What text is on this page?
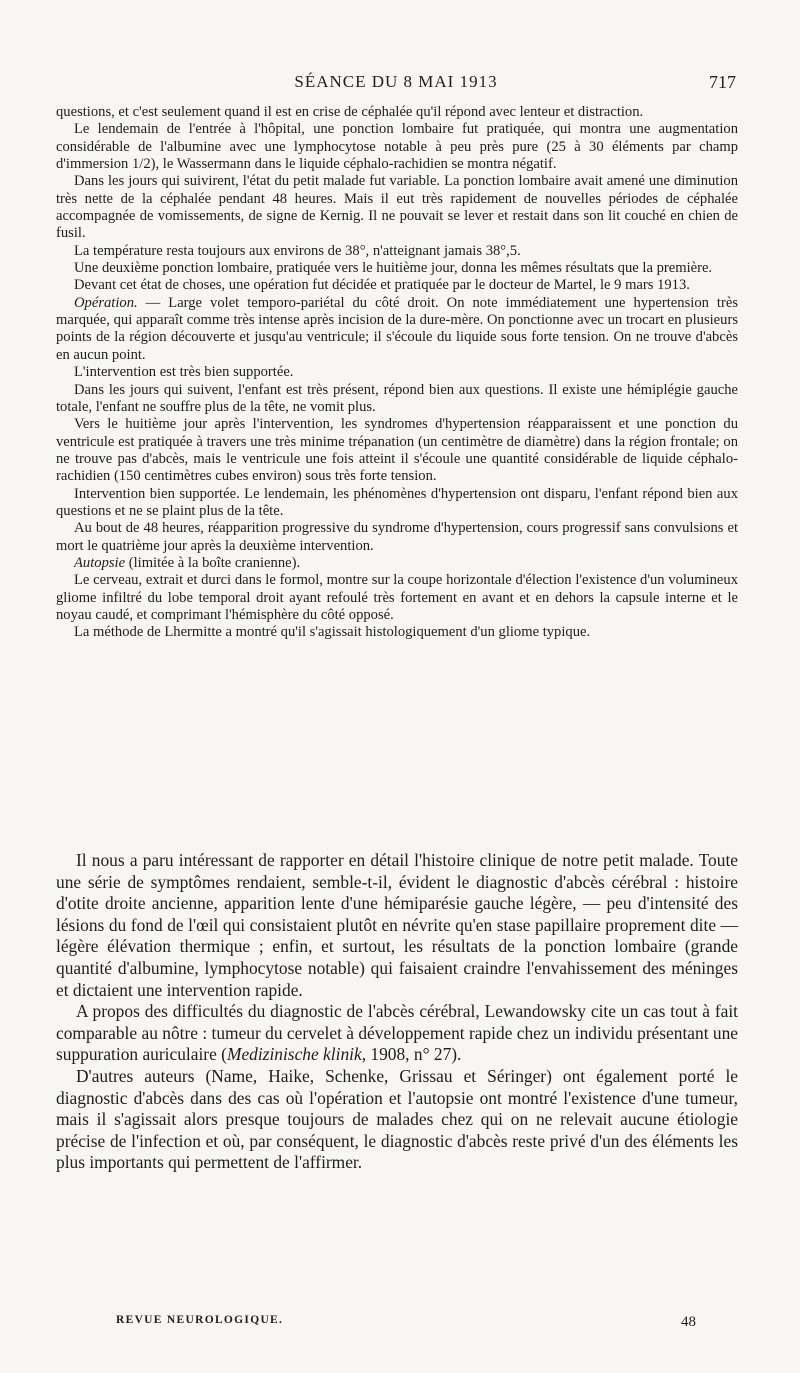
SÉANCE DU 8 MAI 1913	717

questions, et c'est seulement quand il est en crise de céphalée qu'il répond avec lenteur et distraction.

Le lendemain de l'entrée à l'hôpital, une ponction lombaire fut pratiquée, qui montra une augmentation considérable de l'albumine avec une lymphocytose notable à peu près pure (25 à 30 éléments par champ d'immersion 1/2), le Wassermann dans le liquide céphalo-rachidien se montra négatif.

Dans les jours qui suivirent, l'état du petit malade fut variable. La ponction lombaire avait amené une diminution très nette de la céphalée pendant 48 heures. Mais il eut très rapidement de nouvelles périodes de céphalée accompagnée de vomissements, de signe de Kernig. Il ne pouvait se lever et restait dans son lit couché en chien de fusil.

La température resta toujours aux environs de 38°, n'atteignant jamais 38°,5.

Une deuxième ponction lombaire, pratiquée vers le huitième jour, donna les mêmes résultats que la première.

Devant cet état de choses, une opération fut décidée et pratiquée par le docteur de Martel, le 9 mars 1913.

Opération. — Large volet temporo-pariétal du côté droit. On note immédiatement une hypertension très marquée, qui apparaît comme très intense après incision de la dure-mère. On ponctionne avec un trocart en plusieurs points de la région découverte et jusqu'au ventricule; il s'écoule du liquide sous forte tension. On ne trouve d'abcès en aucun point.

L'intervention est très bien supportée.

Dans les jours qui suivent, l'enfant est très présent, répond bien aux questions. Il existe une hémiplégie gauche totale, l'enfant ne souffre plus de la tête, ne vomit plus.

Vers le huitième jour après l'intervention, les syndromes d'hypertension réapparaissent et une ponction du ventricule est pratiquée à travers une très minime trépanation (un centimètre de diamètre) dans la région frontale; on ne trouve pas d'abcès, mais le ventricule une fois atteint il s'écoule une quantité considérable de liquide céphalo-rachidien (150 centimètres cubes environ) sous très forte tension.

Intervention bien supportée. Le lendemain, les phénomènes d'hypertension ont disparu, l'enfant répond bien aux questions et ne se plaint plus de la tête.

Au bout de 48 heures, réapparition progressive du syndrome d'hypertension, cours progressif sans convulsions et mort le quatrième jour après la deuxième intervention.

Autopsie (limitée à la boîte cranienne).

Le cerveau, extrait et durci dans le formol, montre sur la coupe horizontale d'élection l'existence d'un volumineux gliome infiltré du lobe temporal droit ayant refoulé très fortement en avant et en dehors la capsule interne et le noyau caudé, et comprimant l'hémisphère du côté opposé.

La méthode de Lhermitte a montré qu'il s'agissait histologiquement d'un gliome typique.

Il nous a paru intéressant de rapporter en détail l'histoire clinique de notre petit malade. Toute une série de symptômes rendaient, semble-t-il, évident le diagnostic d'abcès cérébral : histoire d'otite droite ancienne, apparition lente d'une hémiparésie gauche légère, — peu d'intensité des lésions du fond de l'œil qui consistaient plutôt en névrite qu'en stase papillaire proprement dite — légère élévation thermique ; enfin, et surtout, les résultats de la ponction lombaire (grande quantité d'albumine, lymphocytose notable) qui faisaient craindre l'envahissement des méninges et dictaient une intervention rapide.

A propos des difficultés du diagnostic de l'abcès cérébral, Lewandowsky cite un cas tout à fait comparable au nôtre : tumeur du cervelet à développement rapide chez un individu présentant une suppuration auriculaire (Medizinische klinik, 1908, n° 27).

D'autres auteurs (Name, Haike, Schenke, Grissau et Séringer) ont également porté le diagnostic d'abcès dans des cas où l'opération et l'autopsie ont montré l'existence d'une tumeur, mais il s'agissait alors presque toujours de malades chez qui on ne relevait aucune étiologie précise de l'infection et où, par conséquent, le diagnostic d'abcès reste privé d'un des éléments les plus importants qui permettent de l'affirmer.

REVUE NEUROLOGIQUE.	48
